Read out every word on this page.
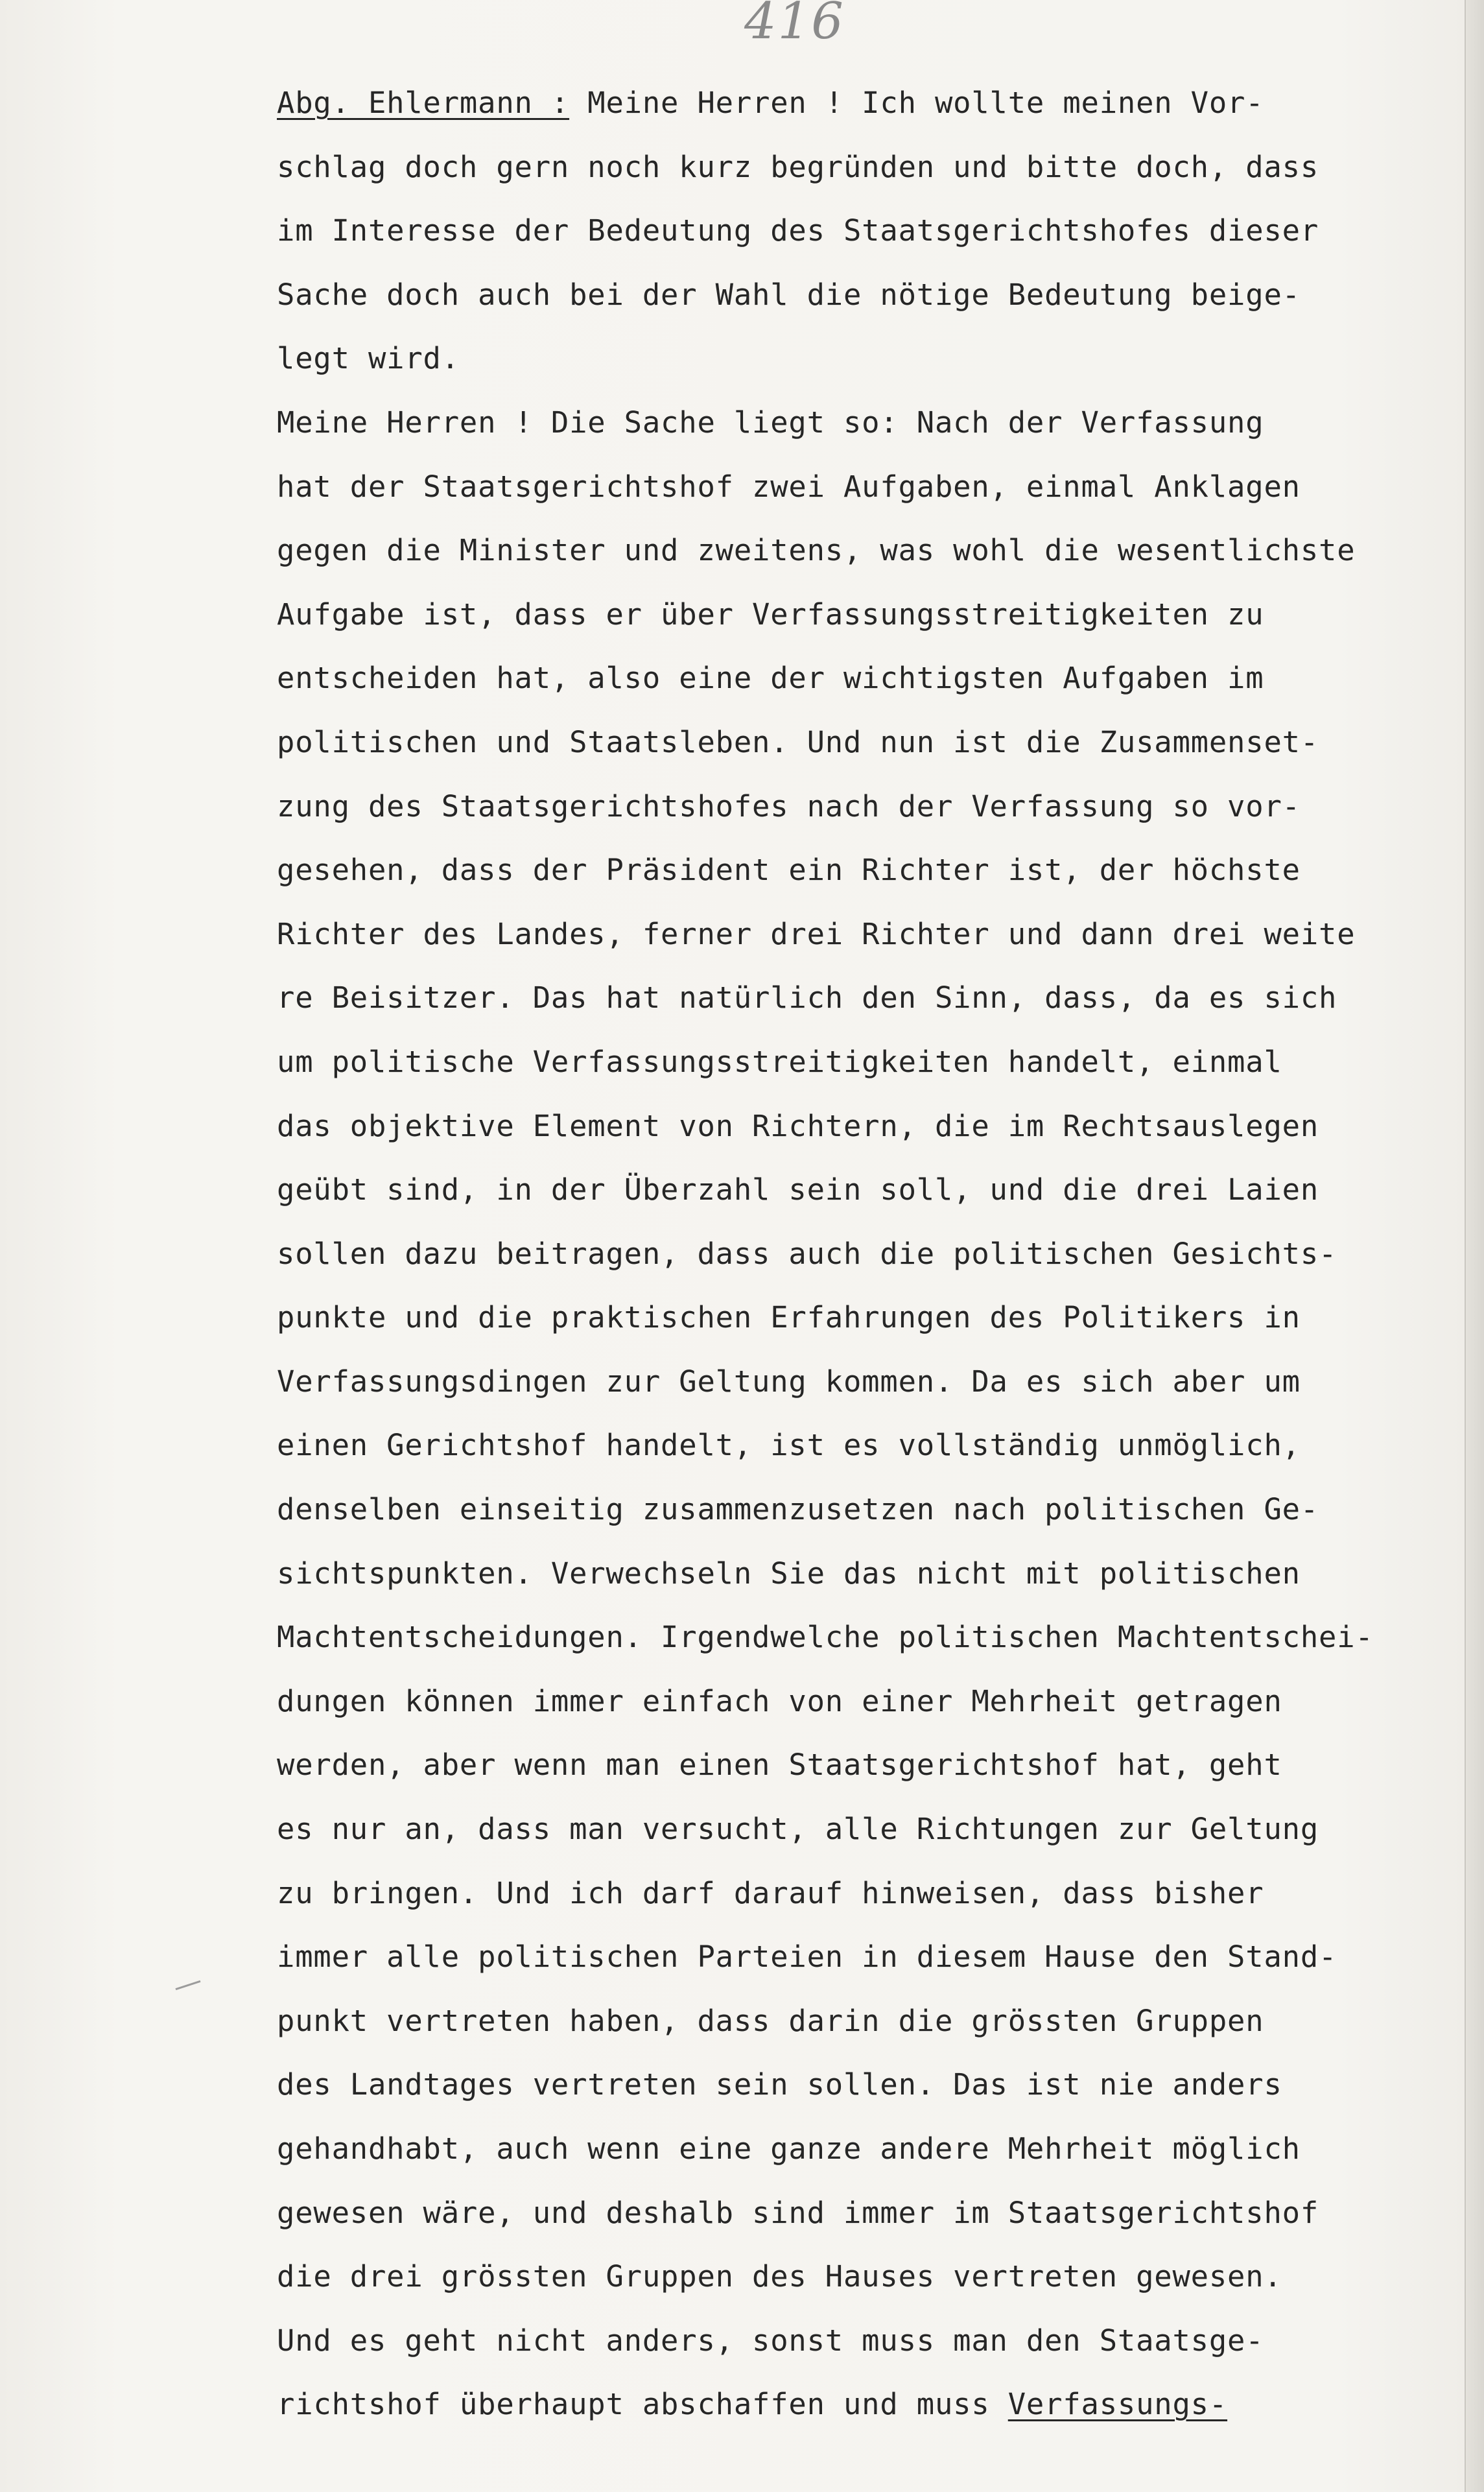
416
Abg. Ehlermann : Meine Herren ! Ich wollte meinen Vor-
schlag doch gern noch kurz begründen und bitte doch, dass
im Interesse der Bedeutung des Staatsgerichtshofes dieser
Sache doch auch bei der Wahl die nötige Bedeutung beige-
legt wird.
Meine Herren ! Die Sache liegt so: Nach der Verfassung
hat der Staatsgerichtshof zwei Aufgaben, einmal Anklagen
gegen die Minister und zweitens, was wohl die wesentlichste
Aufgabe ist, dass er über Verfassungsstreitigkeiten zu
entscheiden hat, also eine der wichtigsten Aufgaben im
politischen und Staatsleben. Und nun ist die Zusammenset-
zung des Staatsgerichtshofes nach der Verfassung so vor-
gesehen, dass der Präsident ein Richter ist, der höchste
Richter des Landes, ferner drei Richter und dann drei weite
re Beisitzer. Das hat natürlich den Sinn, dass, da es sich
um politische Verfassungsstreitigkeiten handelt, einmal
das objektive Element von Richtern, die im Rechtsauslegen
geübt sind, in der Überzahl sein soll, und die drei Laien
sollen dazu beitragen, dass auch die politischen Gesichts-
punkte und die praktischen Erfahrungen des Politikers in
Verfassungsdingen zur Geltung kommen. Da es sich aber um
einen Gerichtshof handelt, ist es vollständig unmöglich,
denselben einseitig zusammenzusetzen nach politischen Ge-
sichtspunkten. Verwechseln Sie das nicht mit politischen
Machtentscheidungen. Irgendwelche politischen Machtentschei-
dungen können immer einfach von einer Mehrheit getragen
werden, aber wenn man einen Staatsgerichtshof hat, geht
es nur an, dass man versucht, alle Richtungen zur Geltung
zu bringen. Und ich darf darauf hinweisen, dass bisher
immer alle politischen Parteien in diesem Hause den Stand-
punkt vertreten haben, dass darin die grössten Gruppen
des Landtages vertreten sein sollen. Das ist nie anders
gehandhabt, auch wenn eine ganze andere Mehrheit möglich
gewesen wäre, und deshalb sind immer im Staatsgerichtshof
die drei grössten Gruppen des Hauses vertreten gewesen.
Und es geht nicht anders, sonst muss man den Staatsge-
richtshof überhaupt abschaffen und muss Verfassungs-
